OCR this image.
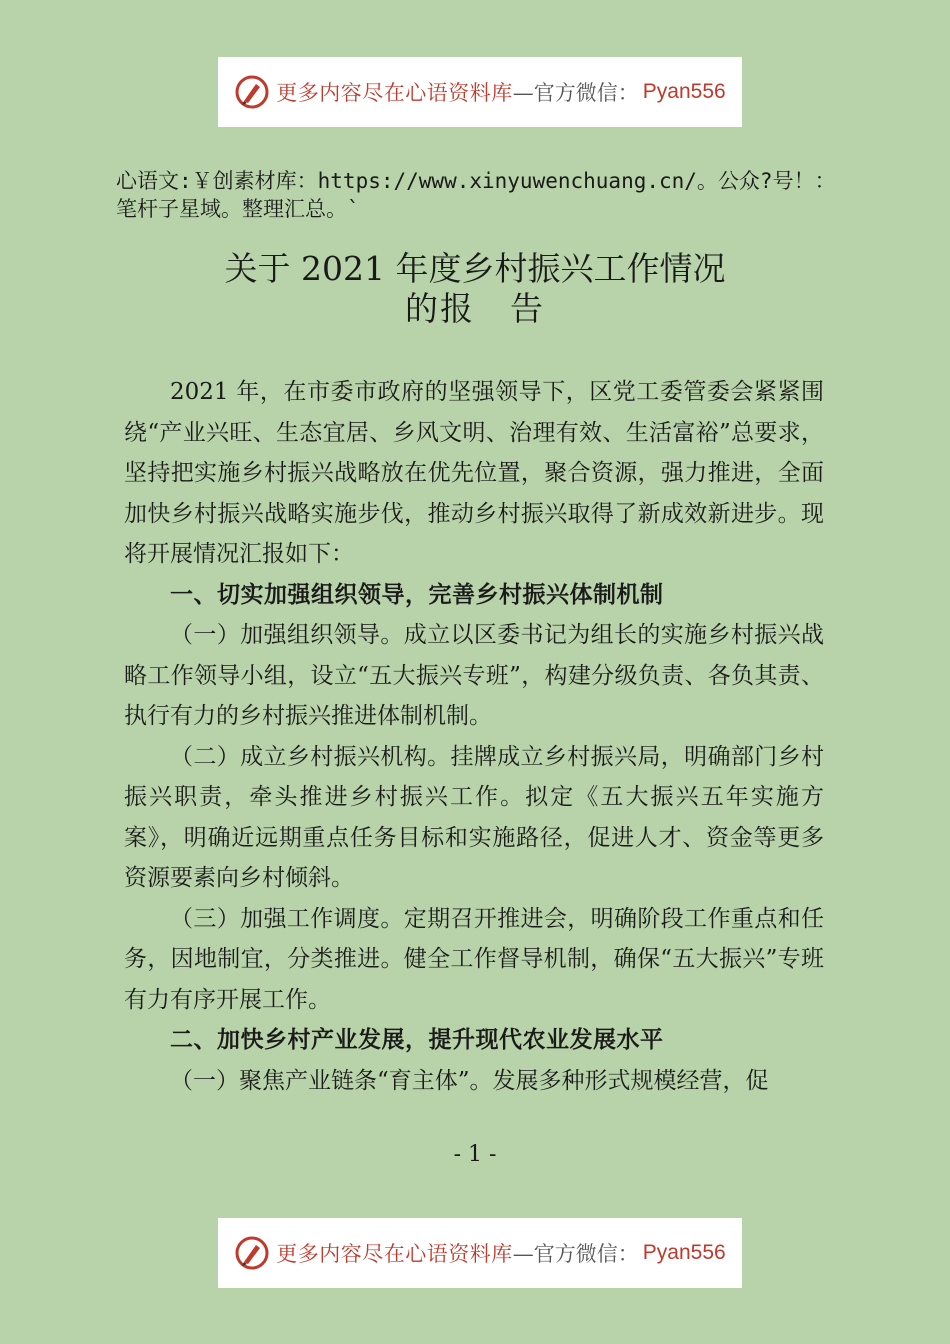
更多内容尽在心语资料库 —官方微信： Pyan556
心语文:￥创素材库：https://www.xinyuwenchuang.cn/。公众?号！：笔杆子星域。整理汇总。`
关于 2021 年度乡村振兴工作情况
的报　告

2021 年，在市委市政府的坚强领导下，区党工委管委会紧紧围绕“产业兴旺、生态宜居、乡风文明、治理有效、生活富裕”总要求，坚持把实施乡村振兴战略放在优先位置，聚合资源，强力推进，全面加快乡村振兴战略实施步伐，推动乡村振兴取得了新成效新进步。现将开展情况汇报如下：

一、切实加强组织领导，完善乡村振兴体制机制

（一）加强组织领导。成立以区委书记为组长的实施乡村振兴战略工作领导小组，设立“五大振兴专班”，构建分级负责、各负其责、执行有力的乡村振兴推进体制机制。

（二）成立乡村振兴机构。挂牌成立乡村振兴局，明确部门乡村振兴职责，牵头推进乡村振兴工作。拟定《五大振兴五年实施方案》，明确近远期重点任务目标和实施路径，促进人才、资金等更多资源要素向乡村倾斜。

（三）加强工作调度。定期召开推进会，明确阶段工作重点和任务，因地制宜，分类推进。健全工作督导机制，确保“五大振兴”专班有力有序开展工作。

二、加快乡村产业发展，提升现代农业发展水平

（一）聚焦产业链条“育主体”。发展多种形式规模经营，促

- 1 -
更多内容尽在心语资料库 —官方微信： Pyan556
